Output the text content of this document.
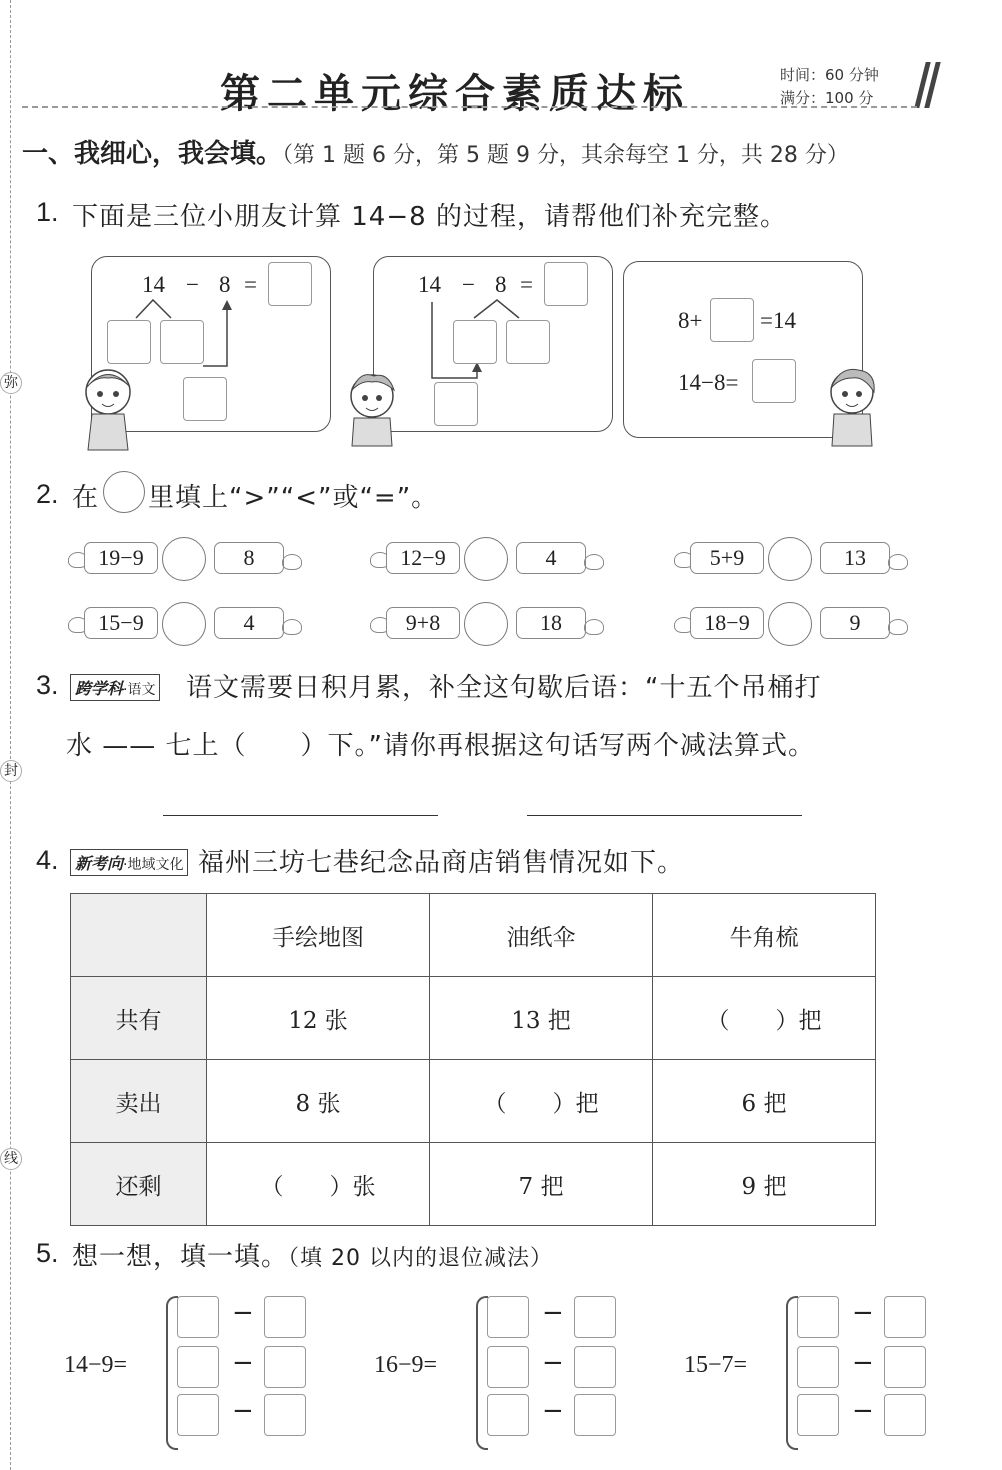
弥
封
线
第二单元综合素质达标	时间：60 分钟
满分：100 分
一、我细心，我会填。（第 1 题 6 分，第 5 题 9 分，其余每空 1 分，共 28 分）
1. 下面是三位小朋友计算 14−8 的过程，请帮他们补充完整。
14 − 8 =	14 − 8 =
8+	=14
14−8=
2. 在 里填上“>”“<”或“=”。
19−9	8	12−9	4	5+9	13
15−9	4	9+8	18	18−9	9
3.	跨学科·语文 语文需要日积月累，补全这句歇后语：“十五个吊桶打
水 —— 七上（　　）下。”请你再根据这句话写两个减法算式。
4.	新考向·地域文化 福州三坊七巷纪念品商店销售情况如下。
	手绘地图	油纸伞	牛角梳
共有	12 张	13 把	（　　）把
卖出	8 张	（　　）把	6 把
还剩	（　　）张	7 把	9 把
5. 想一想，填一填。（填 20 以内的退位减法）
14−9=
−
−
−
16−9=
−
−
−
15−7=
−
−
−
